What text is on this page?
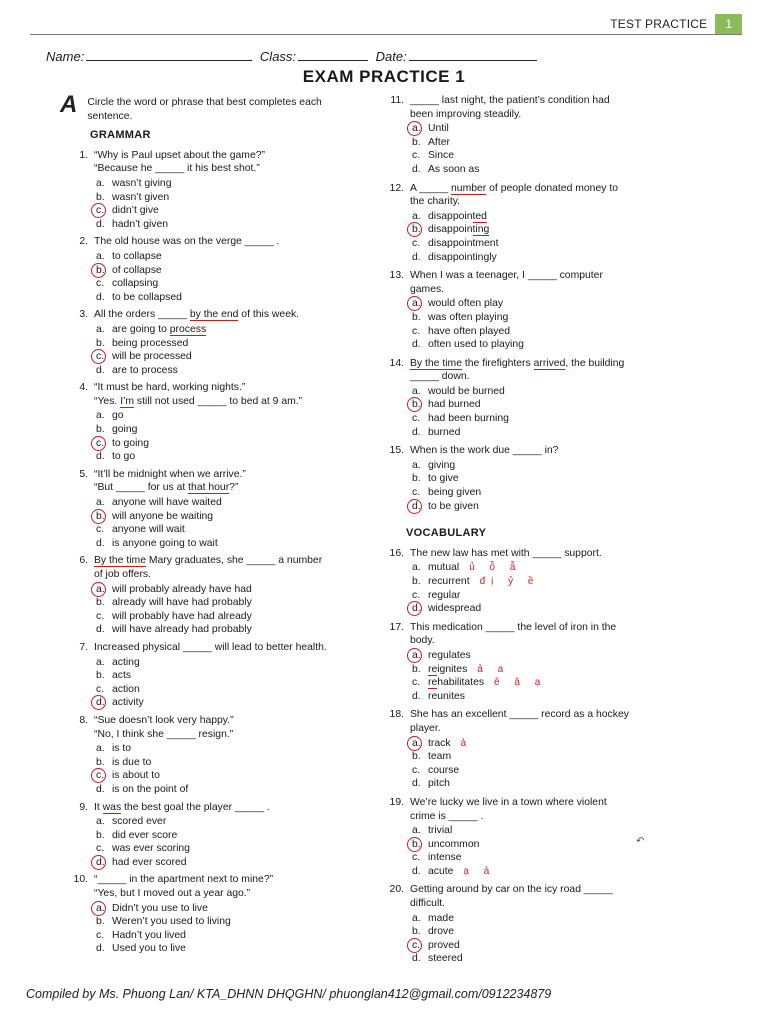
TEST PRACTICE	1
Name:	Class:	Date:
EXAM PRACTICE 1
A Circle the word or phrase that best completes each sentence.
GRAMMAR
1. “Why is Paul upset about the game?”
“Because he _____ it his best shot.”
a. wasn’t giving
b. wasn’t given
c. didn’t give
d. hadn’t given
2. The old house was on the verge _____ .
a. to collapse
b. of collapse
c. collapsing
d. to be collapsed
3. All the orders _____ by the end of this week.
a. are going to process
b. being processed
c. will be processed
d. are to process
4. “It must be hard, working nights.”
“Yes. I’m still not used _____ to bed at 9 am.”
a. go
b. going
c. to going
d. to go
5. “It’ll be midnight when we arrive.”
“But _____ for us at that hour?”
a. anyone will have waited
b. will anyone be waiting
c. anyone will wait
d. is anyone going to wait
6. By the time Mary graduates, she _____ a number
of job offers.
a. will probably already have had
b. already will have had probably
c. will probably have had already
d. will have already had probably
7. Increased physical _____ will lead to better health.
a. acting
b. acts
c. action
d. activity
8. “Sue doesn’t look very happy.”
“No, I think she _____ resign.”
a. is to
b. is due to
c. is about to
d. is on the point of
9. It was the best goal the player _____ .
a. scored ever
b. did ever score
c. was ever scoring
d. had ever scored
10. “_____ in the apartment next to mine?”
“Yes, but I moved out a year ago.”
a. Didn’t you use to live
b. Weren’t you used to living
c. Hadn’t you lived
d. Used you to live
11. _____ last night, the patient’s condition had
been improving steadily.
a. Until
b. After
c. Since
d. As soon as
12. A _____ number of people donated money to
the charity.
a. disappointed
b. disappointing
c. disappointment
d. disappointingly
13. When I was a teenager, I _____ computer
games.
a. would often play
b. was often playing
c. have often played
d. often used to playing
14. By the time the firefighters arrived, the building
_____ down.
a. would be burned
b. had burned
c. had been burning
d. burned
15. When is the work due _____ in?
a. giving
b. to give
c. being given
d. to be given
VOCABULARY
16. The new law has met with _____ support.
a. mutual ủ ỗ ẫ
b. recurrent đị ỷ ề
c. regular
d. widespread
17. This medication _____ the level of iron in the
body.
a. regulates
b. reignites ả a
c. rehabilitates ê ậ ạ
d. reunites
18. She has an excellent _____ record as a hockey
player.
a. track ả
b. team
c. course
d. pitch
19. We’re lucky we live in a town where violent
crime is _____ .
a. trivial
b. uncommon
c. intense
d. acute ạ ả
20. Getting around by car on the icy road _____
difficult.
a. made
b. drove
c. proved
d. steered
↶
Compiled by Ms. Phuong Lan/ KTA_DHNN DHQGHN/ phuonglan412@gmail.com/0912234879
